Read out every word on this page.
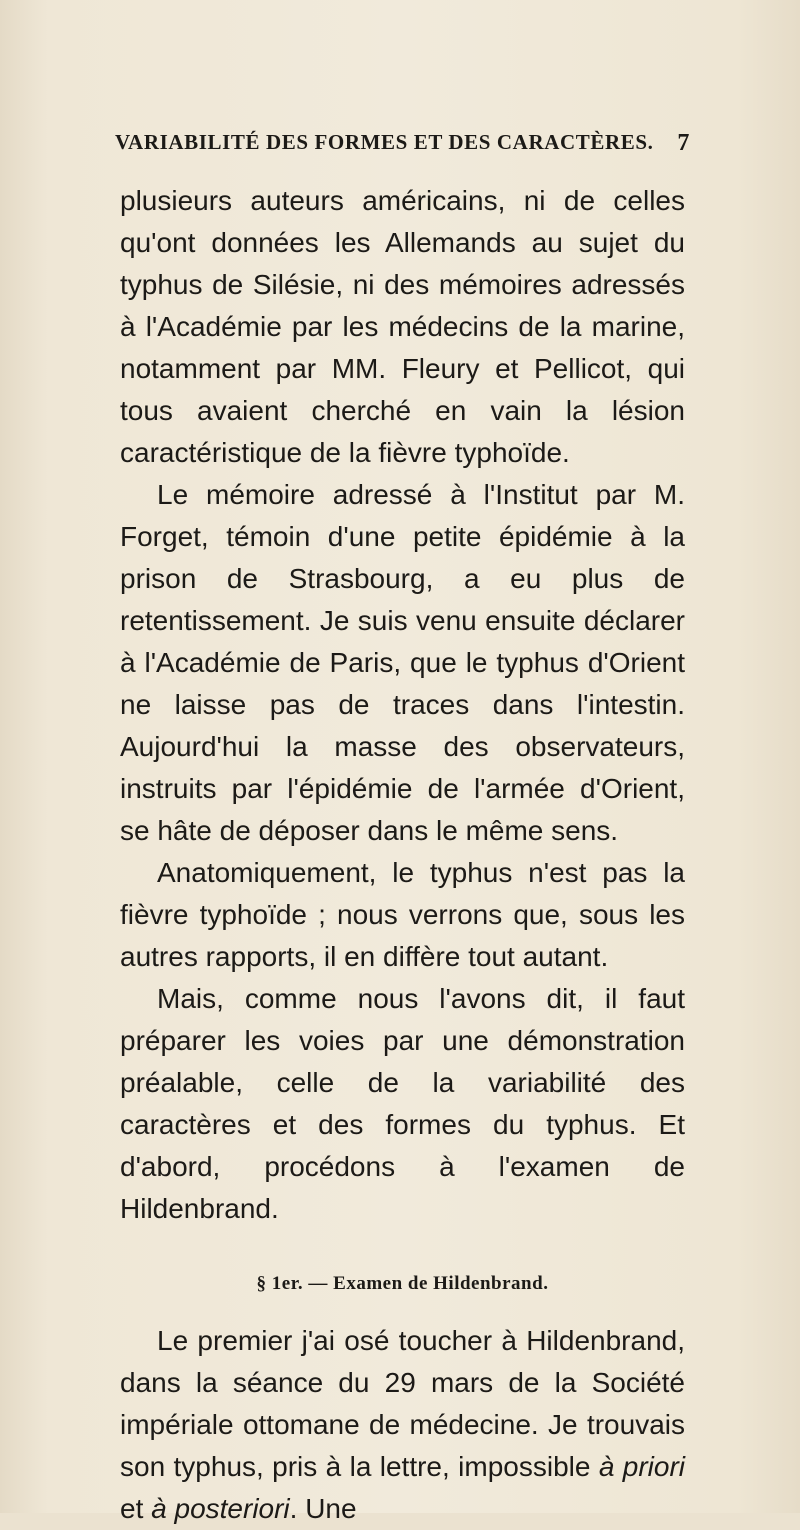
VARIABILITÉ DES FORMES ET DES CARACTÈRES. 7

plusieurs auteurs américains, ni de celles qu'ont données les Allemands au sujet du typhus de Silésie, ni des mémoires adressés à l'Académie par les médecins de la marine, notamment par MM. Fleury et Pellicot, qui tous avaient cherché en vain la lésion caractéristique de la fièvre typhoïde.

Le mémoire adressé à l'Institut par M. Forget, témoin d'une petite épidémie à la prison de Strasbourg, a eu plus de retentissement. Je suis venu ensuite déclarer à l'Académie de Paris, que le typhus d'Orient ne laisse pas de traces dans l'intestin. Aujourd'hui la masse des observateurs, instruits par l'épidémie de l'armée d'Orient, se hâte de déposer dans le même sens.

Anatomiquement, le typhus n'est pas la fièvre typhoïde ; nous verrons que, sous les autres rapports, il en diffère tout autant.

Mais, comme nous l'avons dit, il faut préparer les voies par une démonstration préalable, celle de la variabilité des caractères et des formes du typhus. Et d'abord, procédons à l'examen de Hildenbrand.

§ 1er. — Examen de Hildenbrand.

Le premier j'ai osé toucher à Hildenbrand, dans la séance du 29 mars de la Société impériale ottomane de médecine. Je trouvais son typhus, pris à la lettre, impossible à priori et à posteriori. Une
